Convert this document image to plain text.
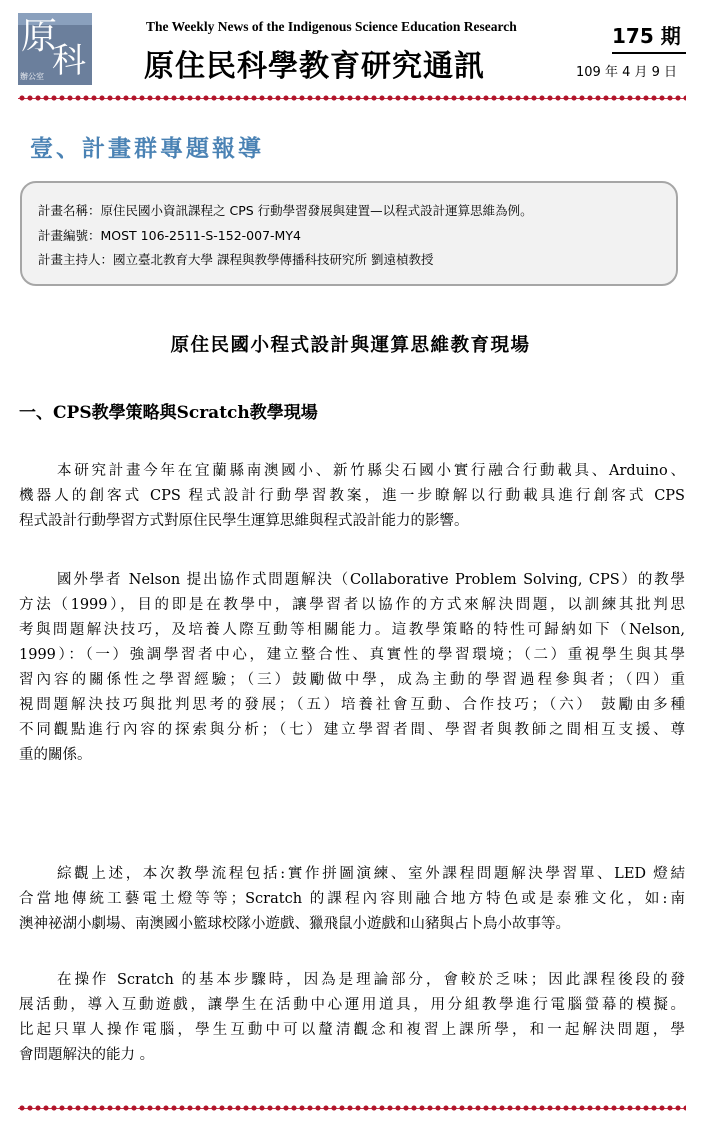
原
科
辦公室
The Weekly News of the Indigenous Science Education Research
原住民科學教育研究通訊
175 期
109 年 4 月 9 日
壹、計畫群專題報導
計畫名稱：原住民國小資訊課程之 CPS 行動學習發展與建置—以程式設計運算思維為例。
計畫編號：MOST 106-2511-S-152-007-MY4
計畫主持人：國立臺北教育大學 課程與教學傳播科技研究所 劉遠楨教授
原住民國小程式設計與運算思維教育現場
一、CPS教學策略與Scratch教學現場
本研究計畫今年在宜蘭縣南澳國小、新竹縣尖石國小實行融合行動載具、Arduino、
機器人的創客式 CPS 程式設計行動學習教案，進一步瞭解以行動載具進行創客式 CPS
程式設計行動學習方式對原住民學生運算思維與程式設計能力的影響。
國外學者 Nelson 提出協作式問題解決（Collaborative Problem Solving, CPS）的教學
方法（1999），目的即是在教學中，讓學習者以協作的方式來解決問題，以訓練其批判思
考與問題解決技巧，及培養人際互動等相關能力。這教學策略的特性可歸納如下（Nelson,
1999）：（一）強調學習者中心，建立整合性、真實性的學習環境；（二）重視學生與其學
習內容的關係性之學習經驗；（三）鼓勵做中學，成為主動的學習過程參與者；（四）重
視問題解決技巧與批判思考的發展；（五）培養社會互動、合作技巧；（六） 鼓勵由多種
不同觀點進行內容的探索與分析；（七）建立學習者間、學習者與教師之間相互支援、尊
重的關係。
綜觀上述，本次教學流程包括:實作拼圖演練、室外課程問題解決學習單、LED 燈結
合當地傳統工藝電土燈等等；Scratch 的課程內容則融合地方特色或是泰雅文化，如:南
澳神祕湖小劇場、南澳國小籃球校隊小遊戲、獵飛鼠小遊戲和山豬與占卜鳥小故事等。
在操作 Scratch 的基本步驟時，因為是理論部分，會較於乏味；因此課程後段的發
展活動，導入互動遊戲，讓學生在活動中心運用道具，用分組教學進行電腦螢幕的模擬。
比起只單人操作電腦，學生互動中可以釐清觀念和複習上課所學，和一起解決問題，學
會問題解決的能力 。
